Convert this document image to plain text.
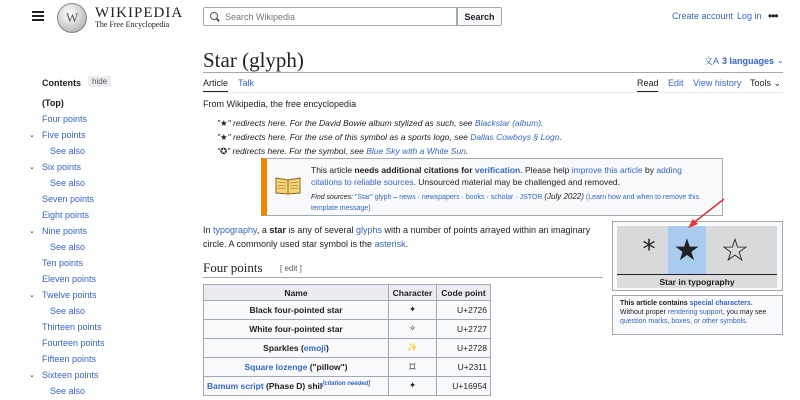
W
WIKIPEDIA
The Free Encyclopedia
Search Wikipedia
Search	Create account Log in •••
Star (glyph)	文A 3 languages ⌄
Article Talk	Read Edit View history Tools ⌄
Contents	hide
(Top)
Four points
Five points
⌄
See also
Six points
⌄
See also
Seven points
Eight points
Nine points
⌄
See also
Ten points
Eleven points
Twelve points
⌄
See also
Thirteen points
Fourteen points
Fifteen points
Sixteen points
⌄
See also
From Wikipedia, the free encyclopedia
"★" redirects here. For the David Bowie album stylized as such, see Blackstar (album).
"★" redirects here. For the use of this symbol as a sports logo, see Dallas Cowboys § Logo.
"✪" redirects here. For the symbol, see Blue Sky with a White Sun.
This article needs additional citations for verification. Please help improve this article by adding citations to reliable sources. Unsourced material may be challenged and removed.
Find sources: "Star" glyph – news · newspapers · books · scholar · JSTOR (July 2022) (Learn how and when to remove this template message)
In typography, a star is any of several glyphs with a number of points arrayed within an imaginary circle. A commonly used star symbol is the asterisk.	* ★ ☆
Star in typography
This article contains special characters. Without proper rendering support, you may see question marks, boxes, or other symbols.
Four points [ edit ]
Name	Character	Code point
Black four-pointed star	✦	U+2726
White four-pointed star	✧	U+2727
Sparkles (emoji)	✨	U+2728
Square lozenge ("pillow")	⌑	U+2311
Bamum script (Phase D) shil[citation needed]	✦	U+16954
